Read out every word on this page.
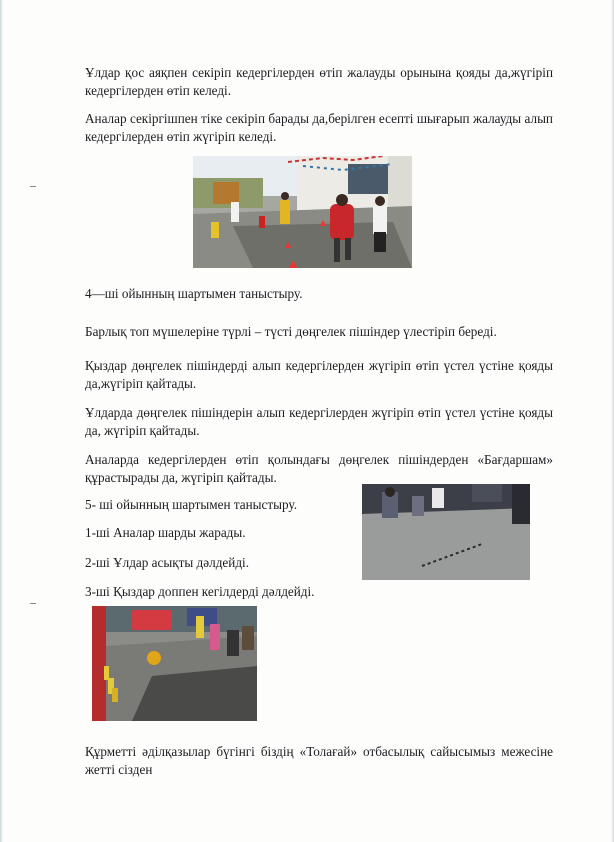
Ұлдар қос аяқпен секіріп кедергілерден өтіп жалауды орынына қояды да,жүгіріп кедергілерден өтіп келеді.

Аналар секіргішпен тіке секіріп барады да,берілген есепті шығарып жалауды алып кедергілерден өтіп жүгіріп келеді.

4—ші ойынның шартымен таныстыру.

Барлық топ мүшелеріне түрлі – түсті дөңгелек пішіндер үлестіріп береді.

Қыздар дөңгелек пішіндерді алып кедергілерден жүгіріп өтіп үстел үстіне қояды да,жүгіріп қайтады.

Ұлдарда дөңгелек пішіндерін алып кедергілерден жүгіріп өтіп үстел үстіне қояды да, жүгіріп қайтады.

Аналарда кедергілерден өтіп қолындағы дөңгелек пішіндерден «Бағдаршам» құрастырады да, жүгіріп қайтады.

5- ші ойынның шартымен таныстыру.

1-ші Аналар шарды жарады.

2-ші Ұлдар асықты дәлдейді.

3-ші Қыздар доппен кегілдерді дәлдейді.

Құрметті әділқазылар бүгінгі біздің «Толағай» отбасылық сайысымыз межесіне жетті сізден
